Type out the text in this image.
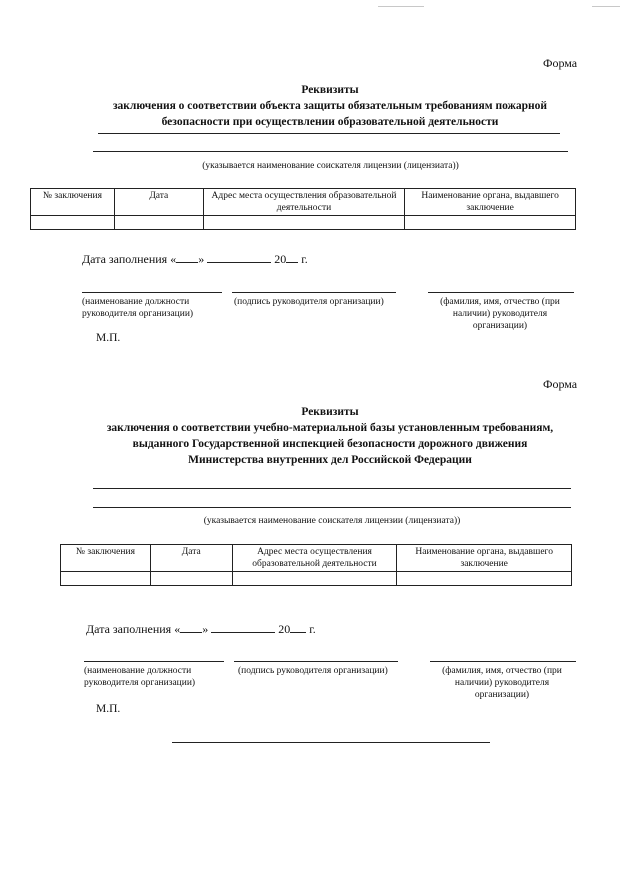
Форма
Реквизиты
заключения о соответствии объекта защиты обязательным требованиям пожарной
безопасности при осуществлении образовательной деятельности
(указывается наименование соискателя лицензии (лицензиата))
№ заключения	Дата	Адрес места осуществления образовательной деятельности	Наименование органа, выдавшего заключение

Дата заполнения « »	20 г.
(наименование должности руководителя организации)
(подпись руководителя организации)	(фамилия, имя, отчество (при наличии) руководителя организации)
М.П.
Форма
Реквизиты
заключения о соответствии учебно-материальной базы установленным требованиям,
выданного Государственной инспекцией безопасности дорожного движения
Министерства внутренних дел Российской Федерации
(указывается наименование соискателя лицензии (лицензиата))
№ заключения	Дата	Адрес места осуществления образовательной деятельности	Наименование органа, выдавшего заключение

Дата заполнения « »	20 г.
(наименование должности руководителя организации)
(подпись руководителя организации)	(фамилия, имя, отчество (при наличии) руководителя организации)
М.П.
